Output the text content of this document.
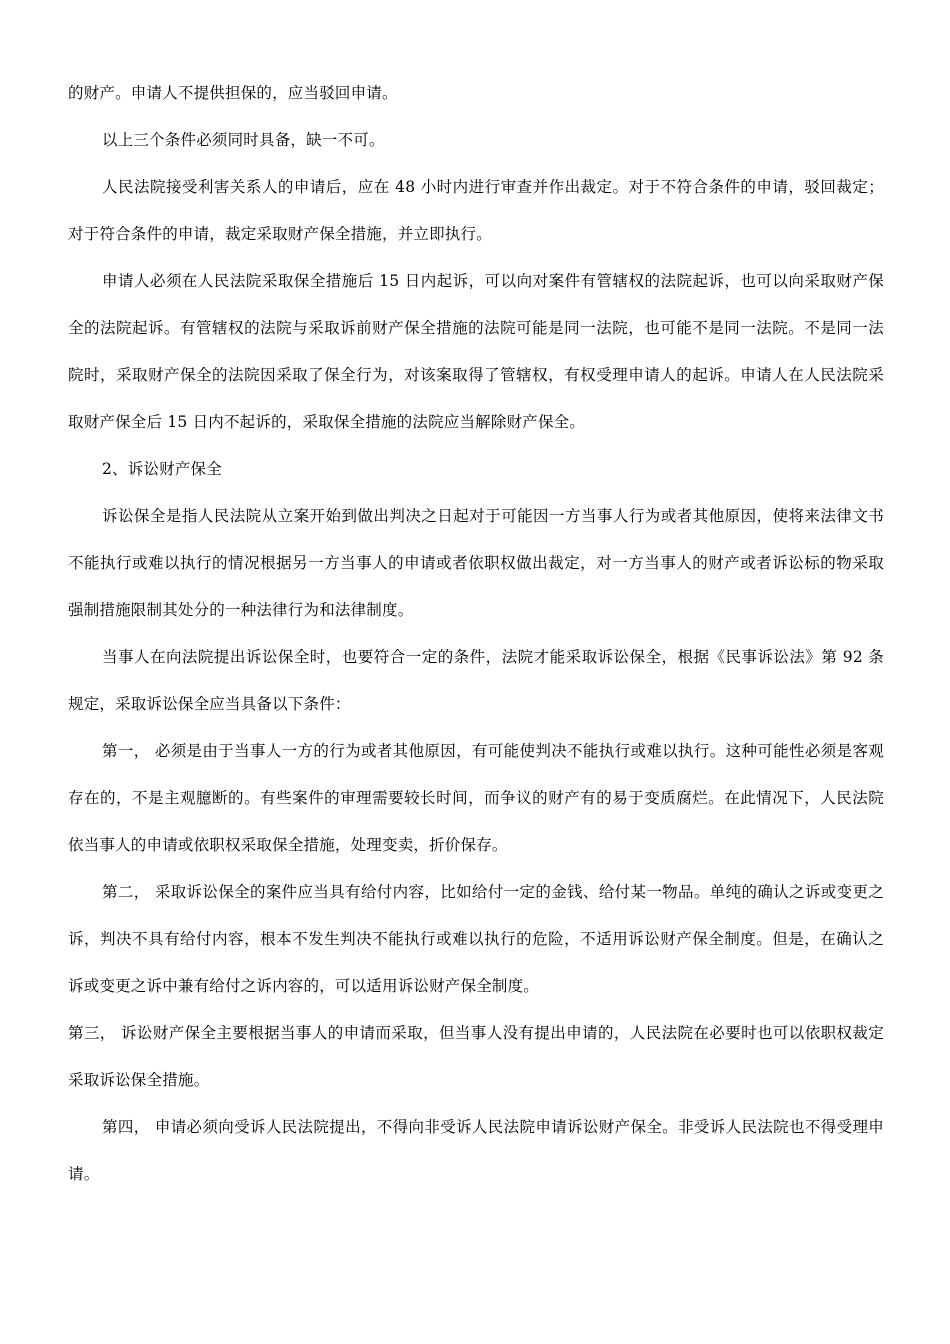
的财产。申请人不提供担保的，应当驳回申请。

以上三个条件必须同时具备，缺一不可。

人民法院接受利害关系人的申请后，应在 48 小时内进行审查并作出裁定。对于不符合条件的申请，驳回裁定；对于符合条件的申请，裁定采取财产保全措施，并立即执行。

申请人必须在人民法院采取保全措施后 15 日内起诉，可以向对案件有管辖权的法院起诉，也可以向采取财产保全的法院起诉。有管辖权的法院与采取诉前财产保全措施的法院可能是同一法院，也可能不是同一法院。不是同一法院时，采取财产保全的法院因采取了保全行为，对该案取得了管辖权，有权受理申请人的起诉。申请人在人民法院采取财产保全后 15 日内不起诉的，采取保全措施的法院应当解除财产保全。

2、诉讼财产保全

诉讼保全是指人民法院从立案开始到做出判决之日起对于可能因一方当事人行为或者其他原因，使将来法律文书不能执行或难以执行的情况根据另一方当事人的申请或者依职权做出裁定，对一方当事人的财产或者诉讼标的物采取强制措施限制其处分的一种法律行为和法律制度。

当事人在向法院提出诉讼保全时，也要符合一定的条件，法院才能采取诉讼保全，根据《民事诉讼法》第 92 条规定，采取诉讼保全应当具备以下条件：

第一， 必须是由于当事人一方的行为或者其他原因，有可能使判决不能执行或难以执行。这种可能性必须是客观存在的，不是主观臆断的。有些案件的审理需要较长时间，而争议的财产有的易于变质腐烂。在此情况下，人民法院依当事人的申请或依职权采取保全措施，处理变卖，折价保存。

第二， 采取诉讼保全的案件应当具有给付内容，比如给付一定的金钱、给付某一物品。单纯的确认之诉或变更之诉，判决不具有给付内容，根本不发生判决不能执行或难以执行的危险，不适用诉讼财产保全制度。但是，在确认之诉或变更之诉中兼有给付之诉内容的，可以适用诉讼财产保全制度。

第三， 诉讼财产保全主要根据当事人的申请而采取，但当事人没有提出申请的，人民法院在必要时也可以依职权裁定采取诉讼保全措施。

第四， 申请必须向受诉人民法院提出，不得向非受诉人民法院申请诉讼财产保全。非受诉人民法院也不得受理申请。
